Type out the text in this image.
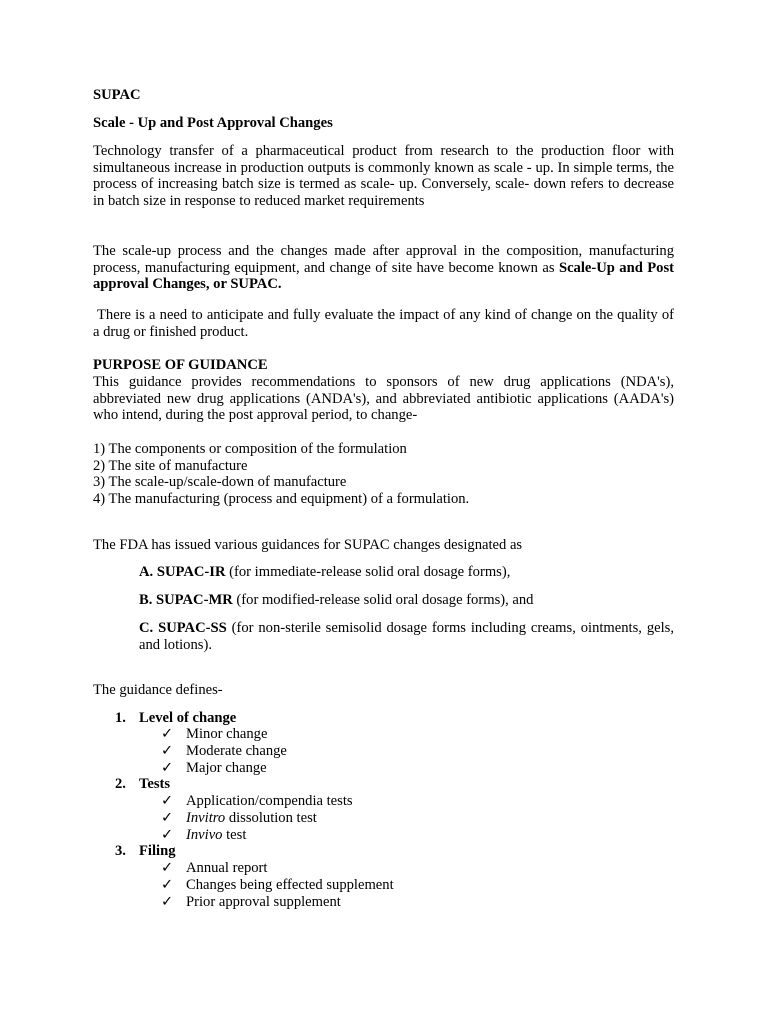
SUPAC

Scale - Up and Post Approval Changes

Technology transfer of a pharmaceutical product from research to the production floor with simultaneous increase in production outputs is commonly known as scale - up. In simple terms, the process of increasing batch size is termed as scale- up. Conversely, scale- down refers to decrease in batch size in response to reduced market requirements

The scale-up process and the changes made after approval in the composition, manufacturing process, manufacturing equipment, and change of site have become known as Scale-Up and Post approval Changes, or SUPAC.

There is a need to anticipate and fully evaluate the impact of any kind of change on the quality of a drug or finished product.

PURPOSE OF GUIDANCE

This guidance provides recommendations to sponsors of new drug applications (NDA's), abbreviated new drug applications (ANDA's), and abbreviated antibiotic applications (AADA's) who intend, during the post approval period, to change-

1) The components or composition of the formulation

2) The site of manufacture

3) The scale-up/scale-down of manufacture

4) The manufacturing (process and equipment) of a formulation.

The FDA has issued various guidances for SUPAC changes designated as

A. SUPAC-IR (for immediate-release solid oral dosage forms),

B. SUPAC-MR (for modified-release solid oral dosage forms), and

C. SUPAC-SS (for non-sterile semisolid dosage forms including creams, ointments, gels, and lotions).

The guidance defines-

1. Level of change

✓ Minor change

✓ Moderate change

✓ Major change

2. Tests

✓ Application/compendia tests

✓ Invitro dissolution test

✓ Invivo test

3. Filing

✓ Annual report

✓ Changes being effected supplement

✓ Prior approval supplement
